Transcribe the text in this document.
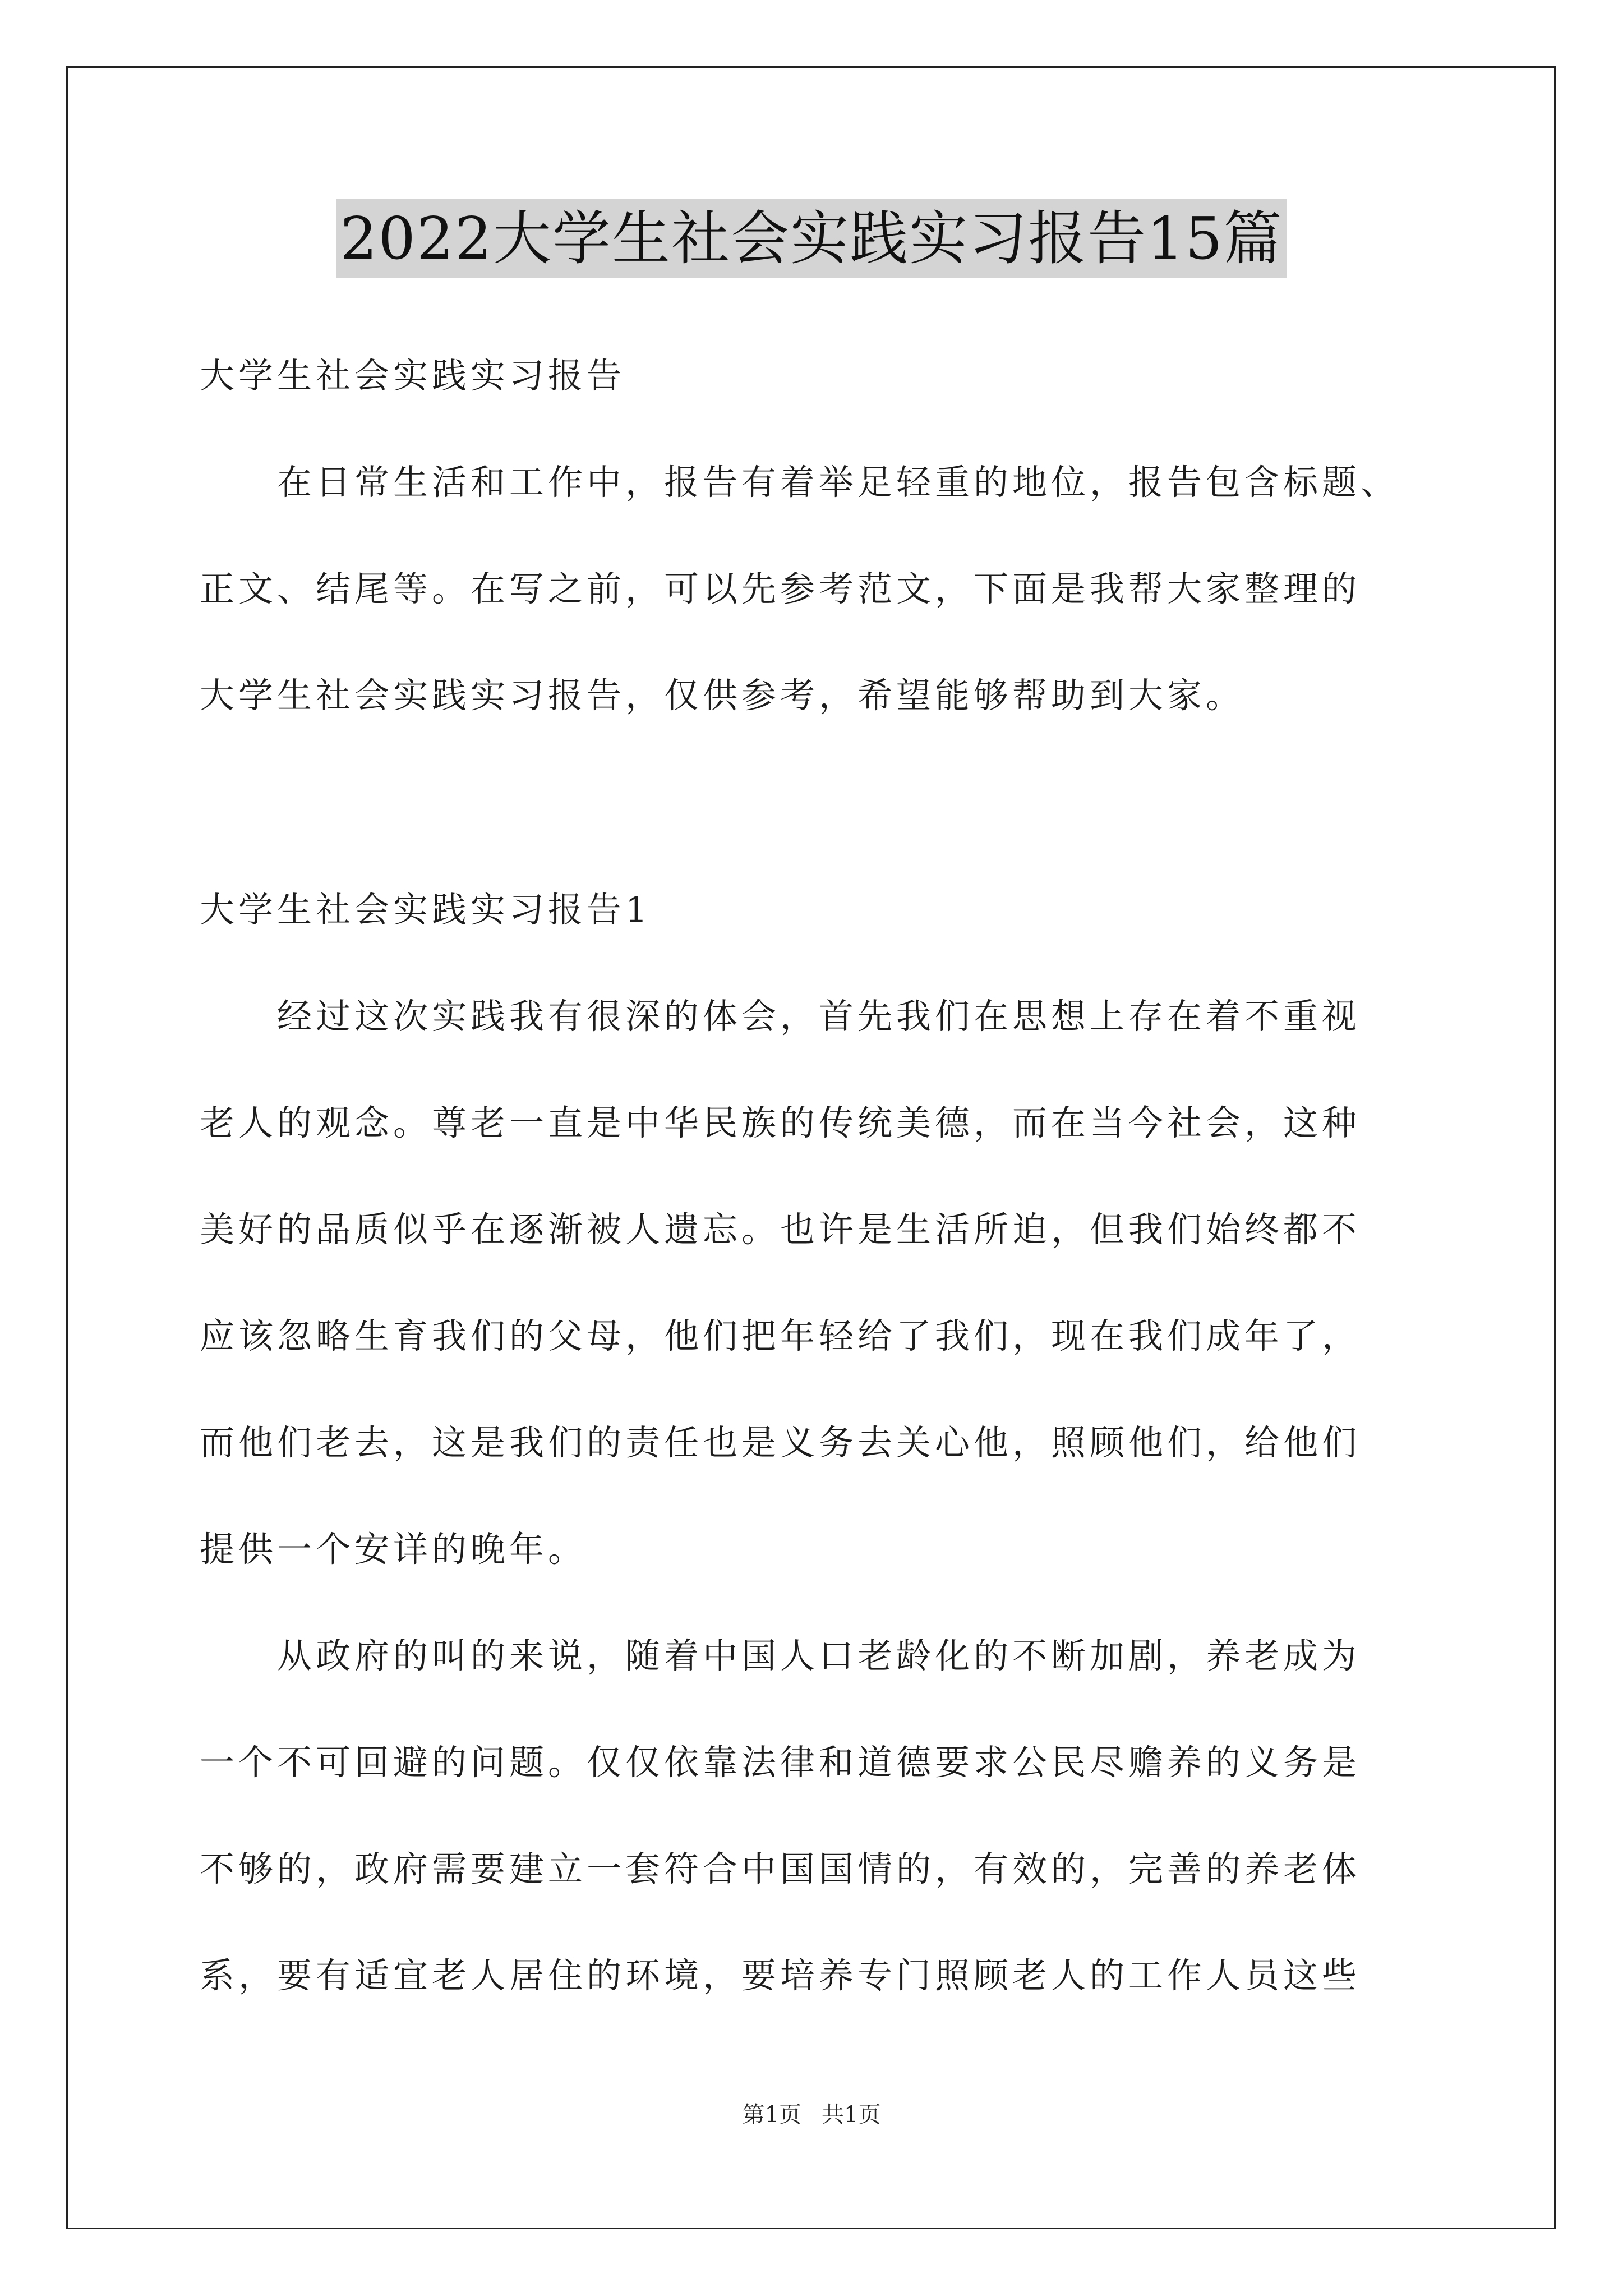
2022大学生社会实践实习报告15篇
大学生社会实践实习报告
　　在日常生活和工作中，报告有着举足轻重的地位，报告包含标题、
正文、结尾等。在写之前，可以先参考范文，下面是我帮大家整理的
大学生社会实践实习报告，仅供参考，希望能够帮助到大家。
大学生社会实践实习报告1
　　经过这次实践我有很深的体会，首先我们在思想上存在着不重视
老人的观念。尊老一直是中华民族的传统美德，而在当今社会，这种
美好的品质似乎在逐渐被人遗忘。也许是生活所迫，但我们始终都不
应该忽略生育我们的父母，他们把年轻给了我们，现在我们成年了，
而他们老去，这是我们的责任也是义务去关心他，照顾他们，给他们
提供一个安详的晚年。
　　从政府的叫的来说，随着中国人口老龄化的不断加剧，养老成为
一个不可回避的问题。仅仅依靠法律和道德要求公民尽赡养的义务是
不够的，政府需要建立一套符合中国国情的，有效的，完善的养老体
系，要有适宜老人居住的环境，要培养专门照顾老人的工作人员这些
第1页 共1页
